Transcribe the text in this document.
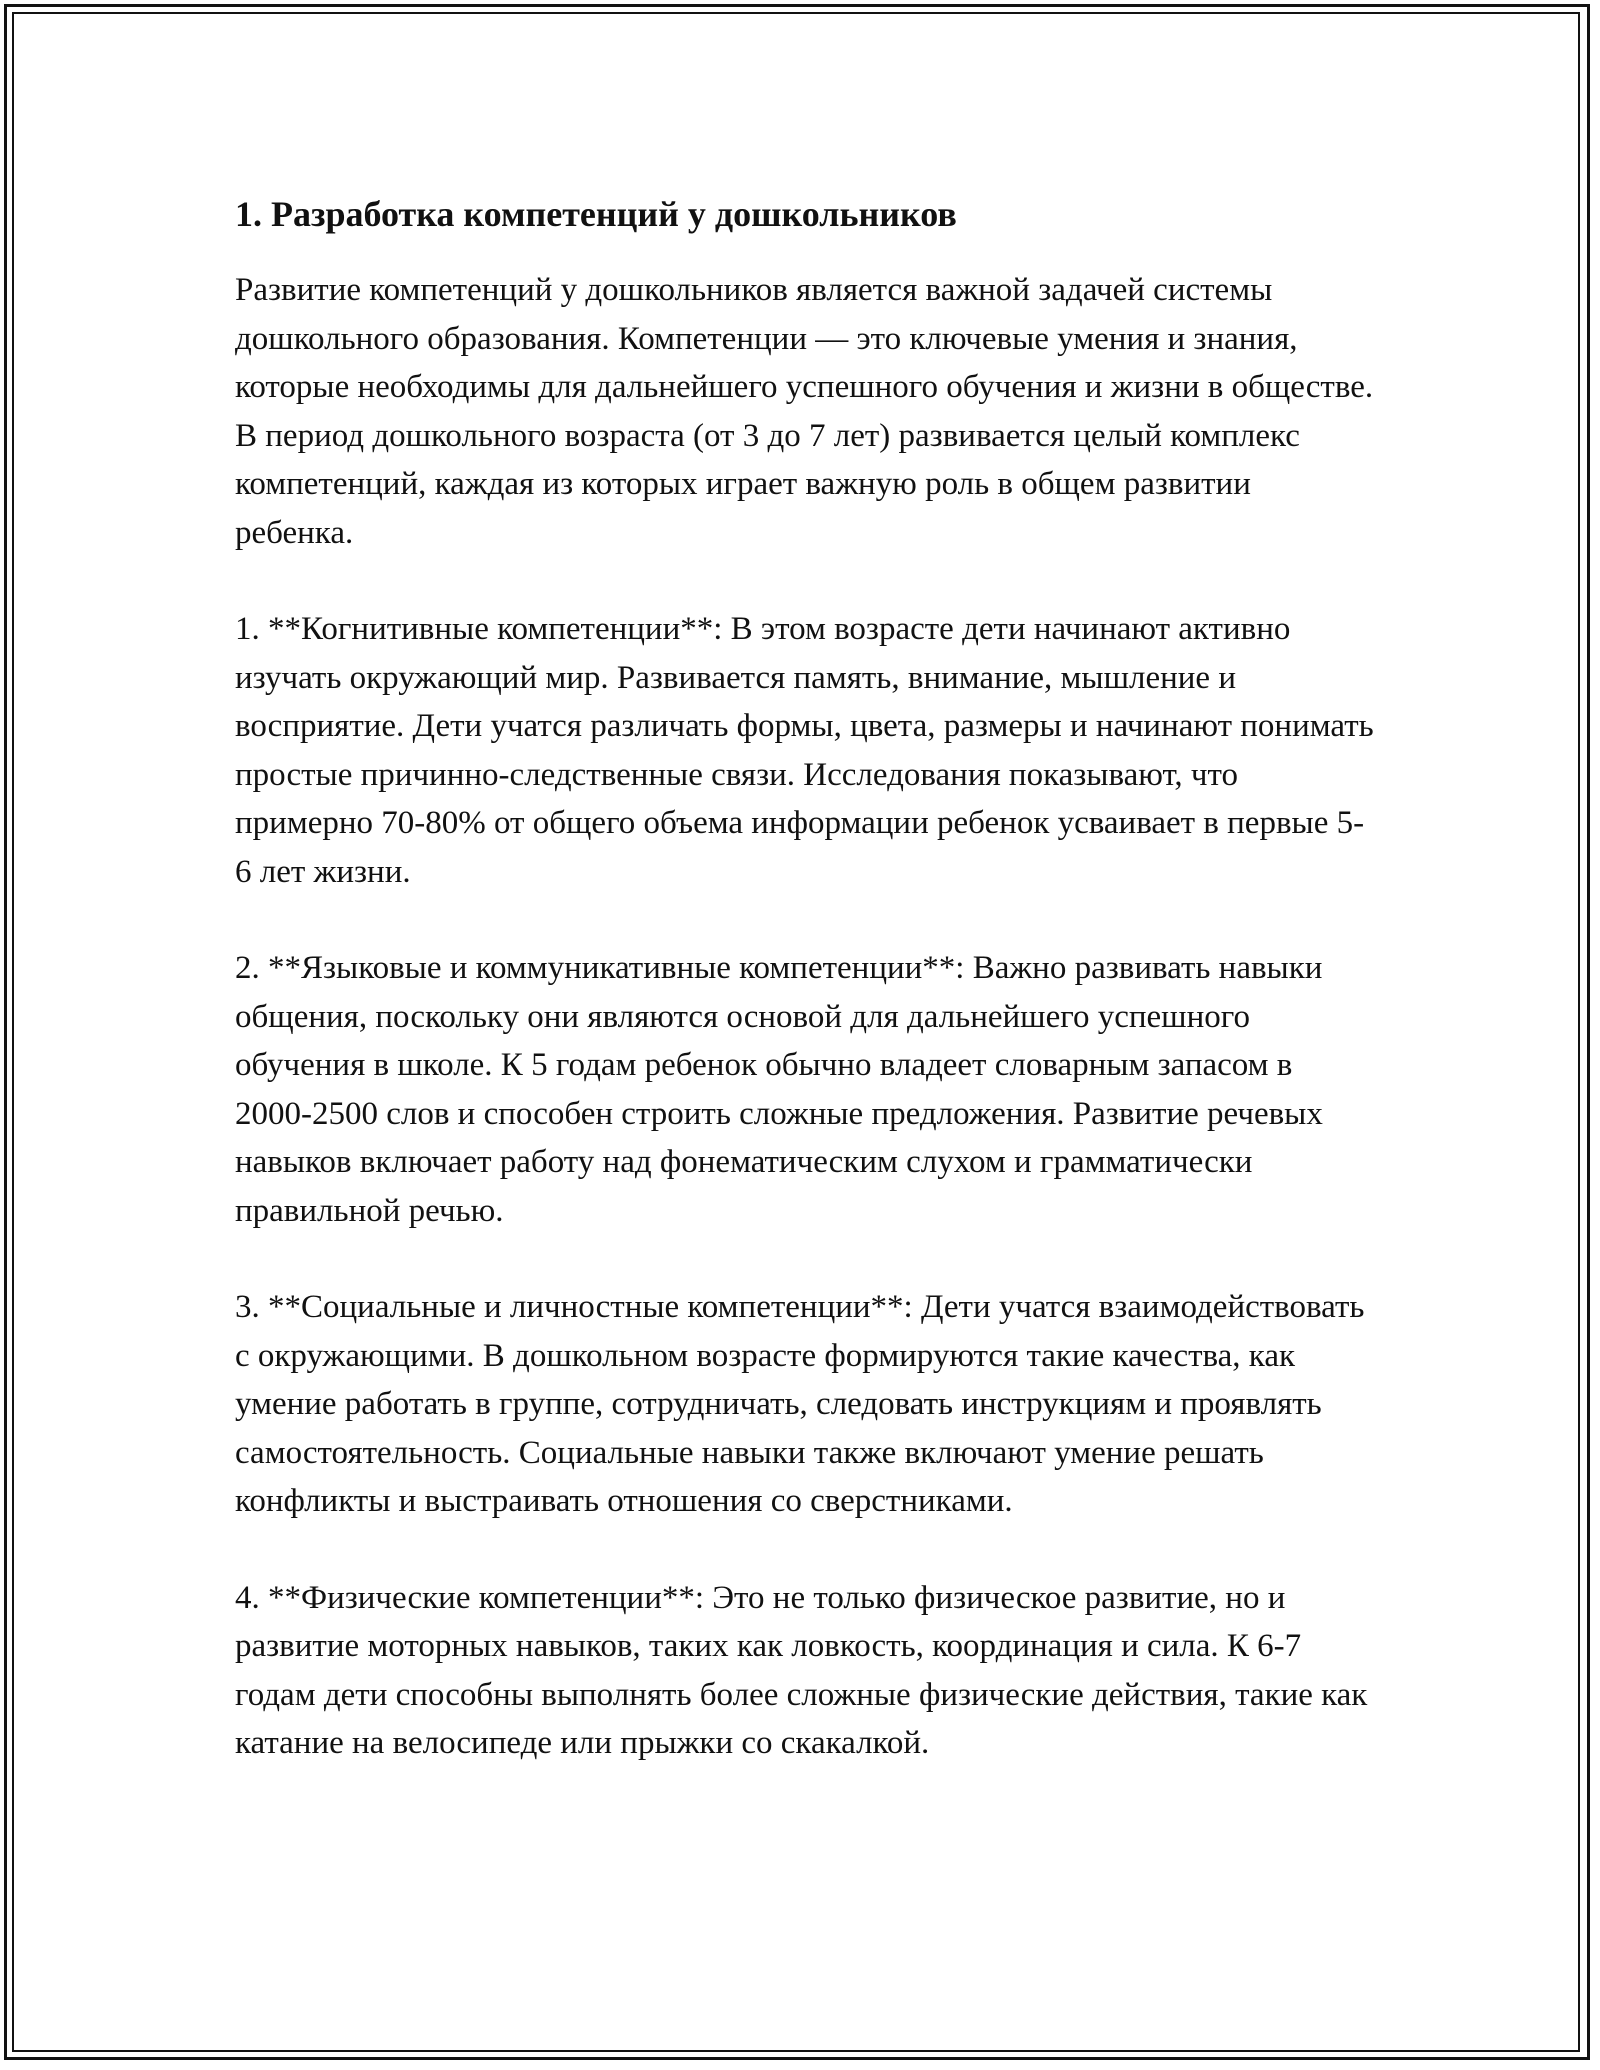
1. Разработка компетенций у дошкольников

Развитие компетенций у дошкольников является важной задачей системы дошкольного образования. Компетенции — это ключевые умения и знания, которые необходимы для дальнейшего успешного обучения и жизни в обществе. В период дошкольного возраста (от 3 до 7 лет) развивается целый комплекс компетенций, каждая из которых играет важную роль в общем развитии ребенка.

1. **Когнитивные компетенции**: В этом возрасте дети начинают активно изучать окружающий мир. Развивается память, внимание, мышление и восприятие. Дети учатся различать формы, цвета, размеры и начинают понимать простые причинно-следственные связи. Исследования показывают, что примерно 70-80% от общего объема информации ребенок усваивает в первые 5-6 лет жизни.

2. **Языковые и коммуникативные компетенции**: Важно развивать навыки общения, поскольку они являются основой для дальнейшего успешного обучения в школе. К 5 годам ребенок обычно владеет словарным запасом в 2000-2500 слов и способен строить сложные предложения. Развитие речевых навыков включает работу над фонематическим слухом и грамматически правильной речью.

3. **Социальные и личностные компетенции**: Дети учатся взаимодействовать с окружающими. В дошкольном возрасте формируются такие качества, как умение работать в группе, сотрудничать, следовать инструкциям и проявлять самостоятельность. Социальные навыки также включают умение решать конфликты и выстраивать отношения со сверстниками.

4. **Физические компетенции**: Это не только физическое развитие, но и развитие моторных навыков, таких как ловкость, координация и сила. К 6-7 годам дети способны выполнять более сложные физические действия, такие как катание на велосипеде или прыжки со скакалкой.
